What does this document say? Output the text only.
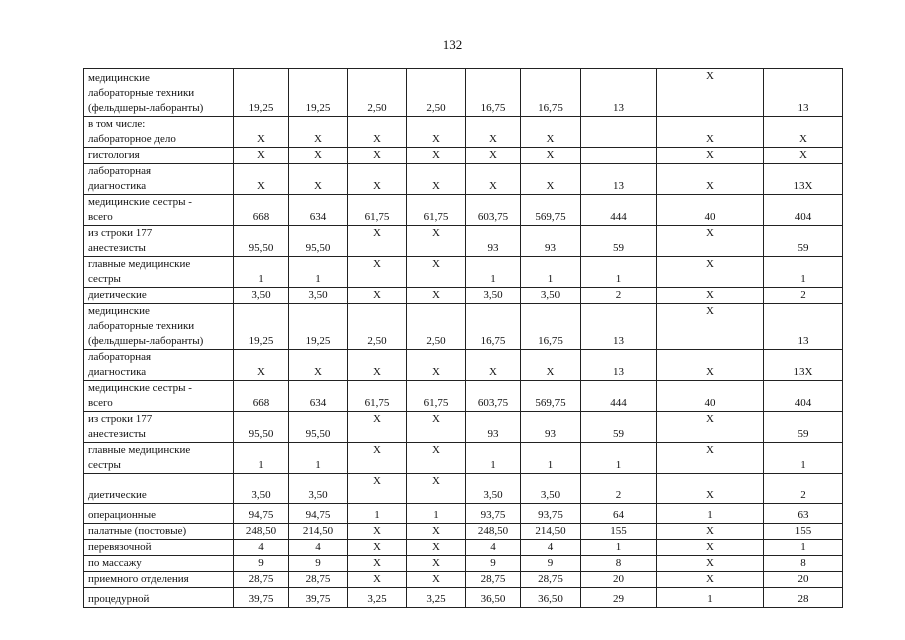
132
медицинские
лабораторные техники
(фельдшеры-лаборанты)	19,25	19,25	2,50	2,50	16,75	16,75	13	X	13

в том числе:
лабораторное дело	X	X	X	X	X	X		X	X

гистология	X	X	X	X	X	X		X	X

лабораторная
диагностика	X	X	X	X	X	X	13	X	13X

медицинские сестры -
всего	668	634	61,75	61,75	603,75	569,75	444	40	404

из строки 177
анестезисты	95,50	95,50	X	X	93	93	59	X	59

главные медицинские
сестры	1	1	X	X	1	1	1	X	1

диетические	3,50	3,50	X	X	3,50	3,50	2	X	2

медицинские
лабораторные техники
(фельдшеры-лаборанты)	19,25	19,25	2,50	2,50	16,75	16,75	13	X	13

лабораторная
диагностика	X	X	X	X	X	X	13	X	13X

медицинские сестры -
всего	668	634	61,75	61,75	603,75	569,75	444	40	404

из строки 177
анестезисты	95,50	95,50	X	X	93	93	59	X	59

главные медицинские
сестры	1	1	X	X	1	1	1	X	1

диетические	3,50	3,50	X	X	3,50	3,50	2	X	2

операционные	94,75	94,75	1	1	93,75	93,75	64	1	63

палатные (постовые)	248,50	214,50	X	X	248,50	214,50	155	X	155

перевязочной	4	4	X	X	4	4	1	X	1

по массажу	9	9	X	X	9	9	8	X	8

приемного отделения	28,75	28,75	X	X	28,75	28,75	20	X	20

процедурной	39,75	39,75	3,25	3,25	36,50	36,50	29	1	28
